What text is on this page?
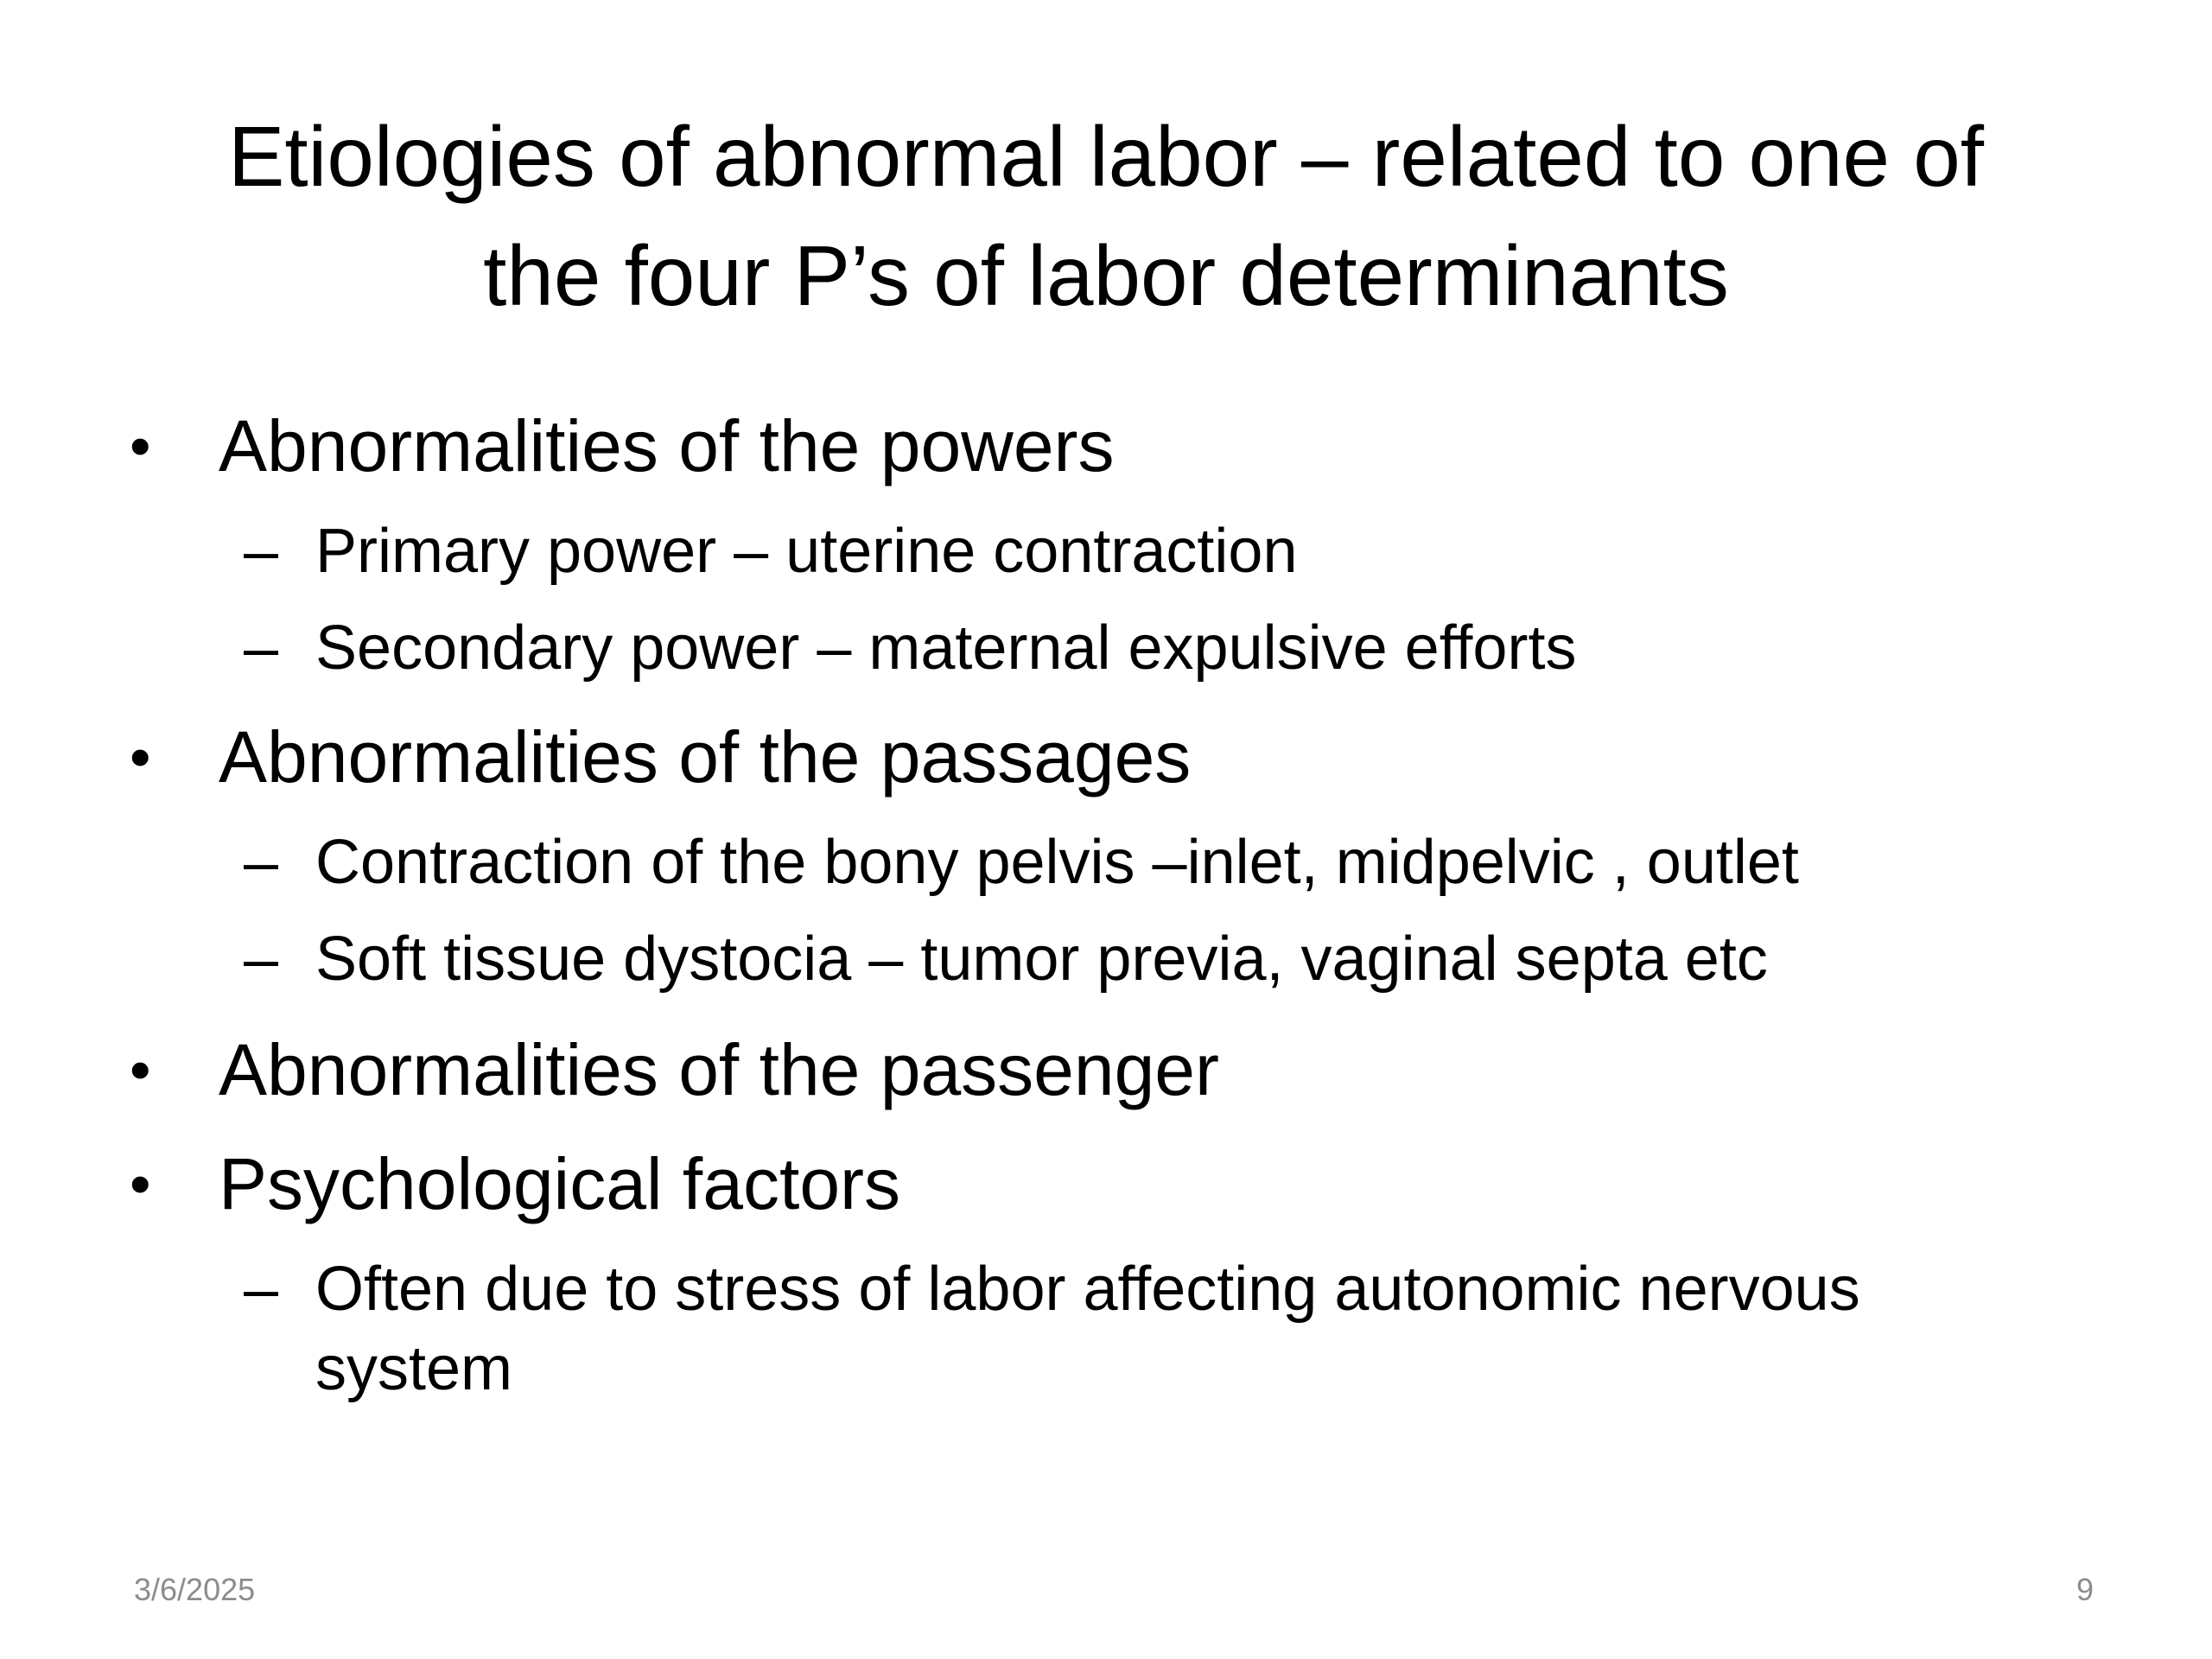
Etiologies of abnormal labor – related to one of
the four P’s of labor determinants
• Abnormalities of the powers
– Primary power – uterine contraction
– Secondary power – maternal expulsive efforts
• Abnormalities of the passages
– Contraction of the bony pelvis –inlet, midpelvic , outlet
– Soft tissue dystocia – tumor previa, vaginal septa etc
• Abnormalities of the passenger
• Psychological factors
– Often due to stress of labor affecting autonomic nervous
system
3/6/2025	9
